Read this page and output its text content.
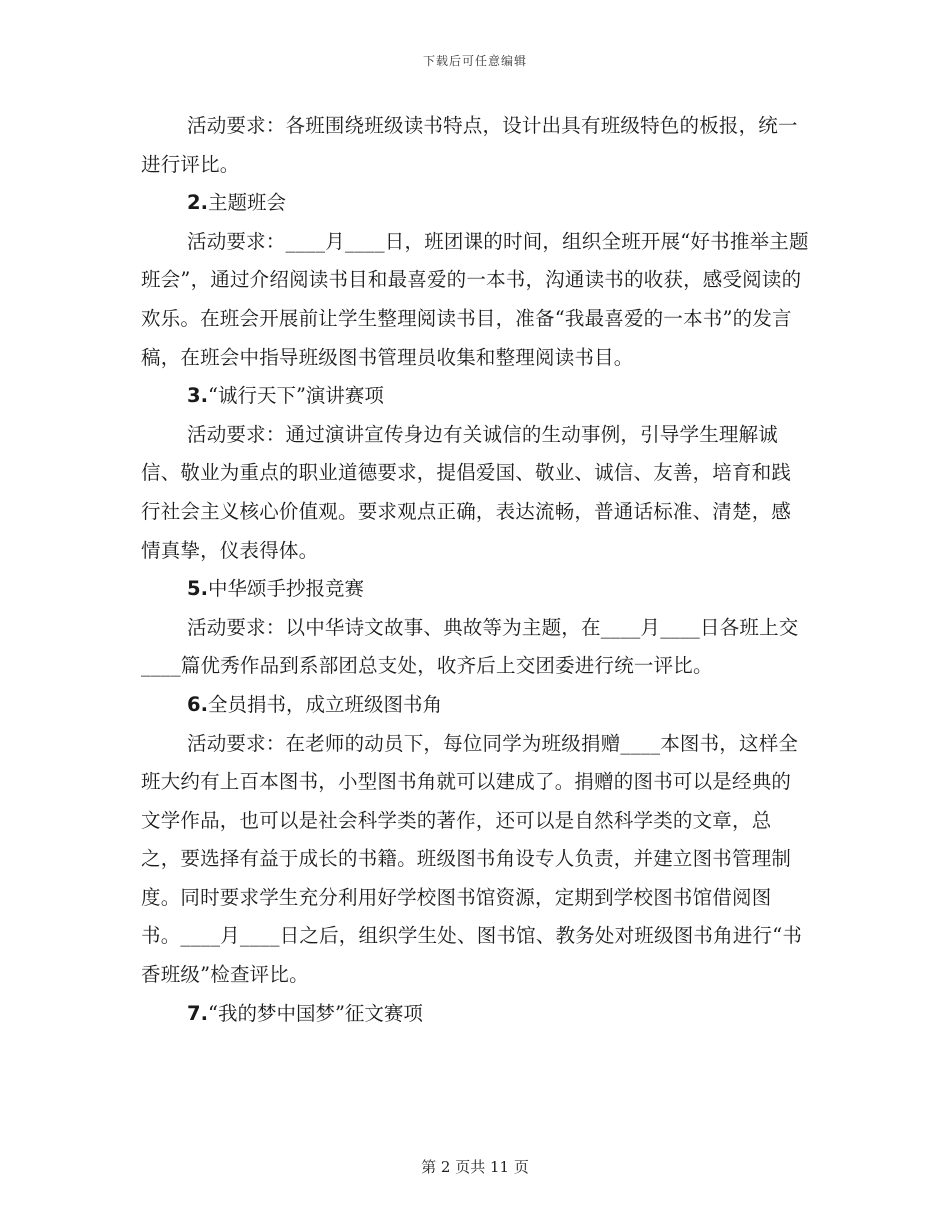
下载后可任意编辑

活动要求：各班围绕班级读书特点，设计出具有班级特色的板报，统一进行评比。

2.主题班会

活动要求：____月____日，班团课的时间，组织全班开展“好书推举主题班会”，通过介绍阅读书目和最喜爱的一本书，沟通读书的收获，感受阅读的欢乐。在班会开展前让学生整理阅读书目，准备“我最喜爱的一本书”的发言稿，在班会中指导班级图书管理员收集和整理阅读书目。

3.“诚行天下”演讲赛项

活动要求：通过演讲宣传身边有关诚信的生动事例，引导学生理解诚信、敬业为重点的职业道德要求，提倡爱国、敬业、诚信、友善，培育和践行社会主义核心价值观。要求观点正确，表达流畅，普通话标准、清楚，感情真挚，仪表得体。

5.中华颂手抄报竞赛

活动要求：以中华诗文故事、典故等为主题，在____月____日各班上交____篇优秀作品到系部团总支处，收齐后上交团委进行统一评比。

6.全员捐书，成立班级图书角

活动要求：在老师的动员下，每位同学为班级捐赠____本图书，这样全班大约有上百本图书，小型图书角就可以建成了。捐赠的图书可以是经典的文学作品，也可以是社会科学类的著作，还可以是自然科学类的文章，总之，要选择有益于成长的书籍。班级图书角设专人负责，并建立图书管理制度。同时要求学生充分利用好学校图书馆资源，定期到学校图书馆借阅图书。____月____日之后，组织学生处、图书馆、教务处对班级图书角进行“书香班级”检查评比。

7.“我的梦中国梦”征文赛项

第 2 页共 11 页
